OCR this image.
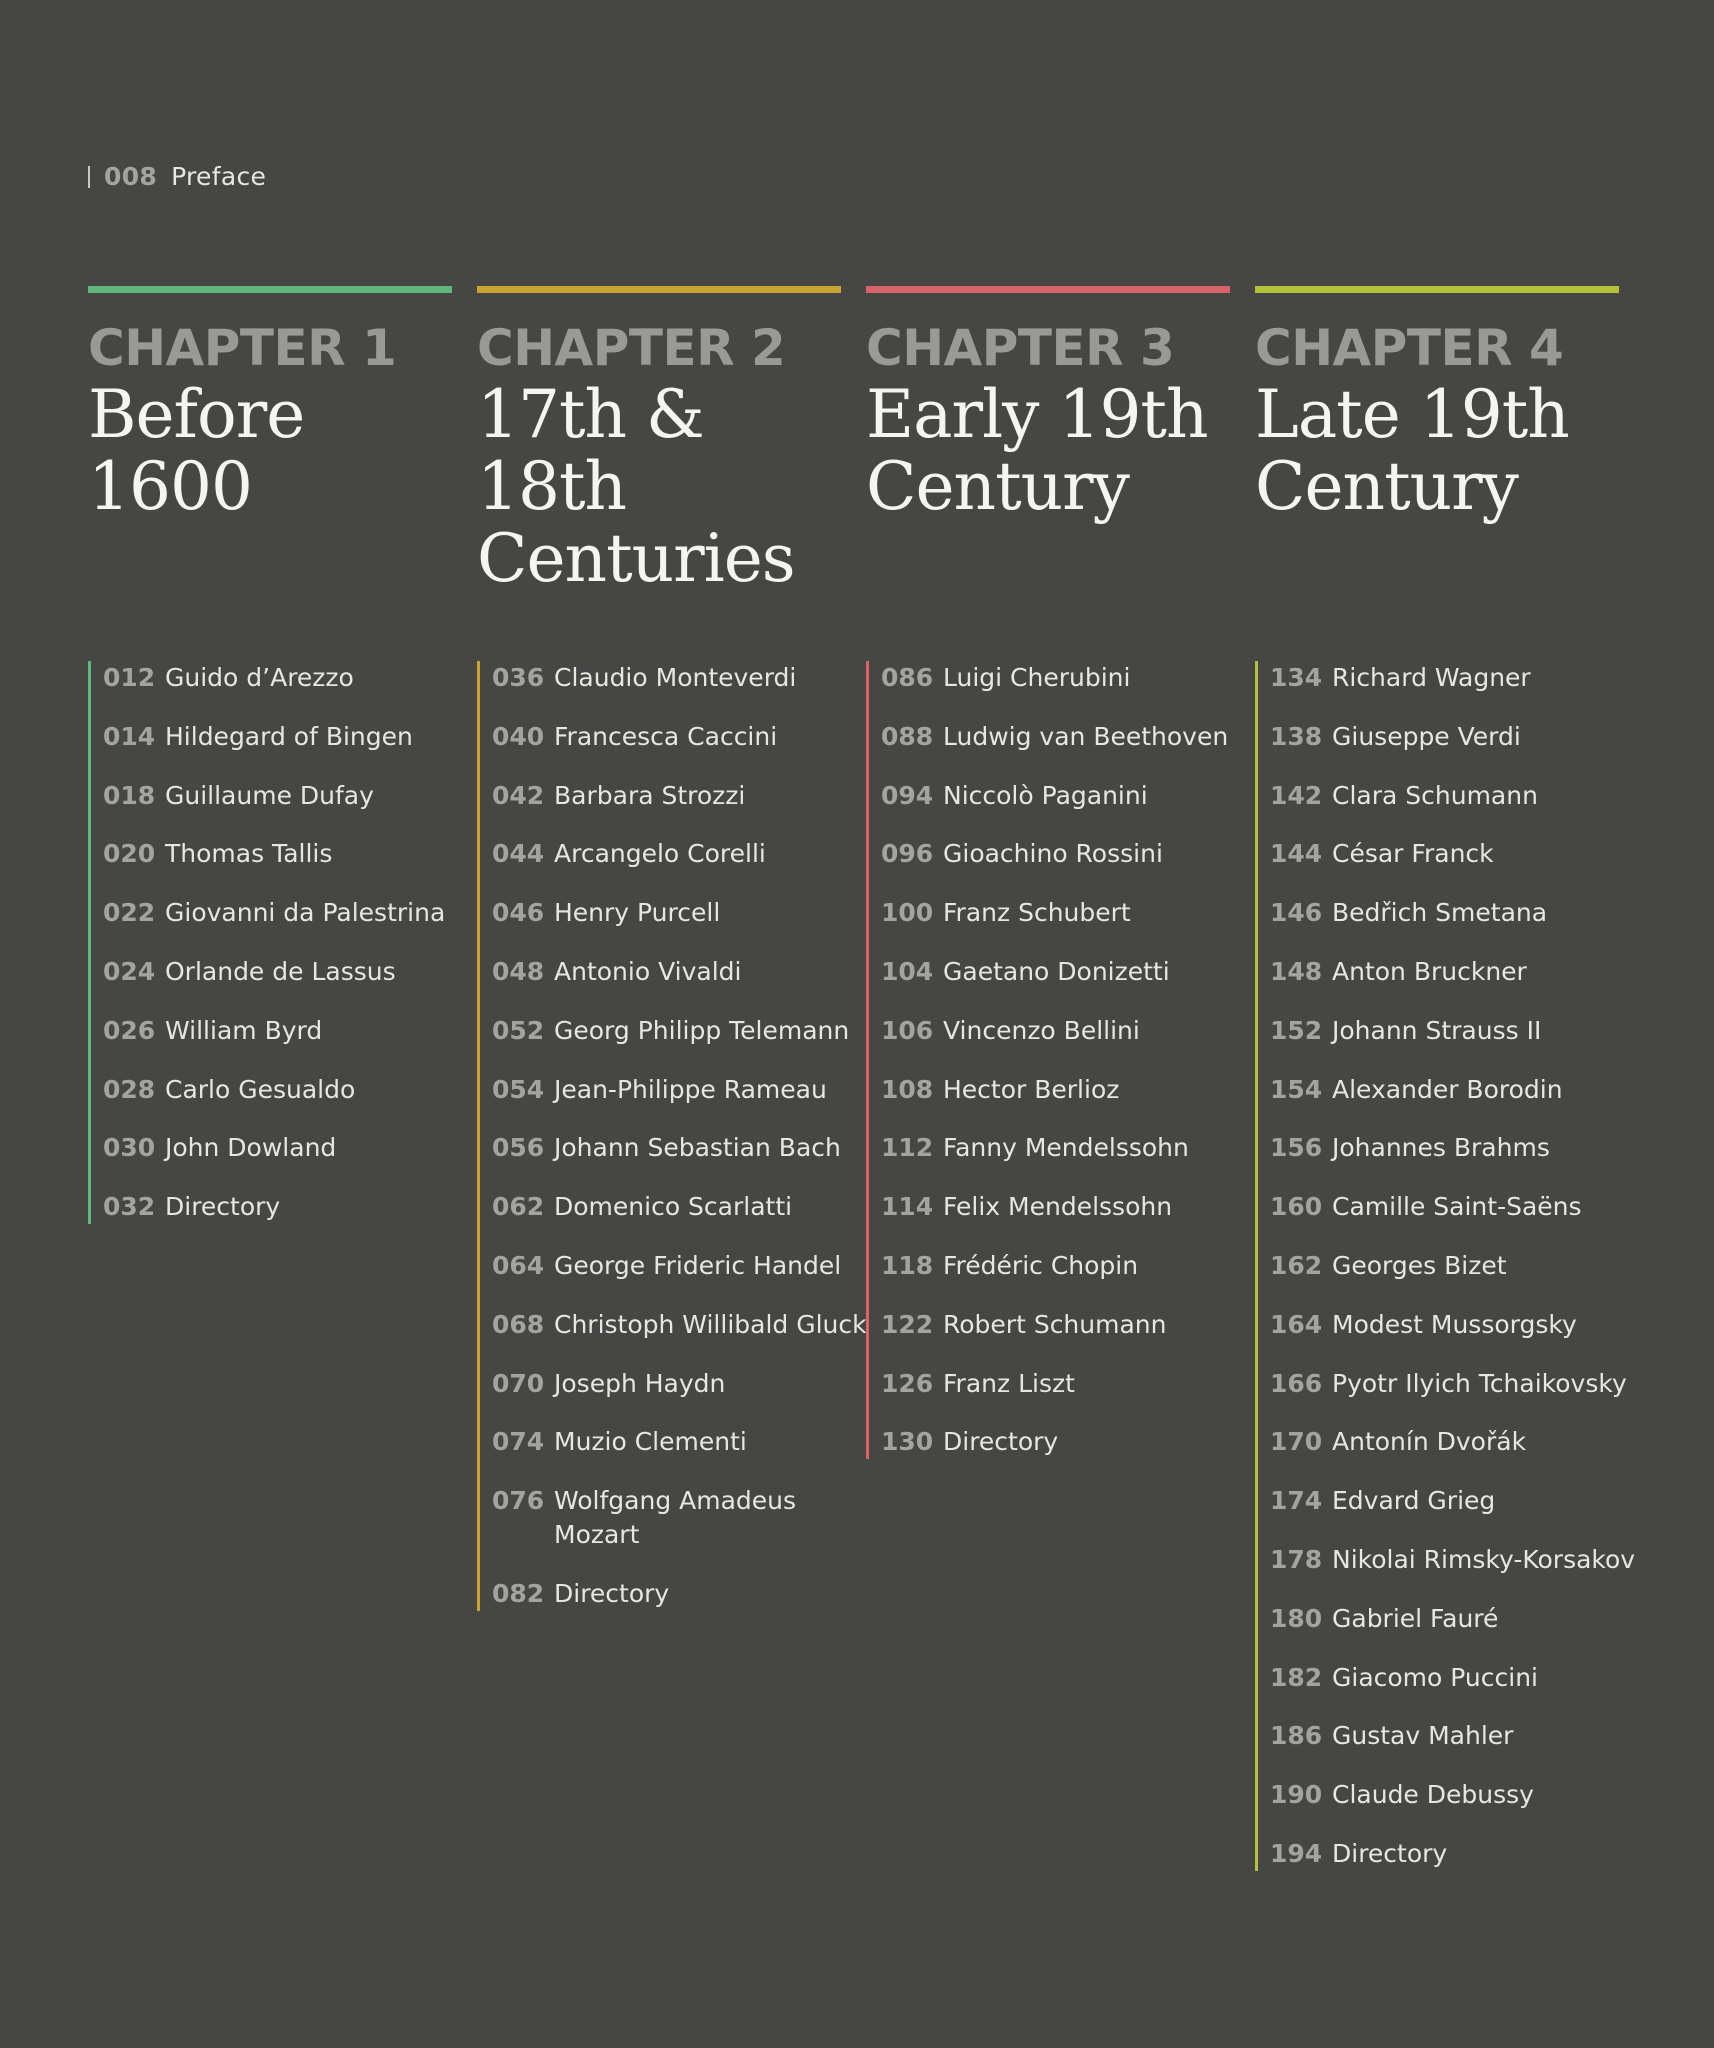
008 Preface
CHAPTER 1
Before
1600
012 Guido d’Arezzo
014 Hildegard of Bingen
018 Guillaume Dufay
020 Thomas Tallis
022 Giovanni da Palestrina
024 Orlande de Lassus
026 William Byrd
028 Carlo Gesualdo
030 John Dowland
032 Directory
CHAPTER 2
17th &
18th
Centuries
036 Claudio Monteverdi
040 Francesca Caccini
042 Barbara Strozzi
044 Arcangelo Corelli
046 Henry Purcell
048 Antonio Vivaldi
052 Georg Philipp Telemann
054 Jean-Philippe Rameau
056 Johann Sebastian Bach
062 Domenico Scarlatti
064 George Frideric Handel
068 Christoph Willibald Gluck
070 Joseph Haydn
074 Muzio Clementi
076 Wolfgang Amadeus Mozart
082 Directory
CHAPTER 3
Early 19th
Century
086 Luigi Cherubini
088 Ludwig van Beethoven
094 Niccolò Paganini
096 Gioachino Rossini
100 Franz Schubert
104 Gaetano Donizetti
106 Vincenzo Bellini
108 Hector Berlioz
112 Fanny Mendelssohn
114 Felix Mendelssohn
118 Frédéric Chopin
122 Robert Schumann
126 Franz Liszt
130 Directory
CHAPTER 4
Late 19th
Century
134 Richard Wagner
138 Giuseppe Verdi
142 Clara Schumann
144 César Franck
146 Bedřich Smetana
148 Anton Bruckner
152 Johann Strauss II
154 Alexander Borodin
156 Johannes Brahms
160 Camille Saint-Saëns
162 Georges Bizet
164 Modest Mussorgsky
166 Pyotr Ilyich Tchaikovsky
170 Antonín Dvořák
174 Edvard Grieg
178 Nikolai Rimsky-Korsakov
180 Gabriel Fauré
182 Giacomo Puccini
186 Gustav Mahler
190 Claude Debussy
194 Directory
